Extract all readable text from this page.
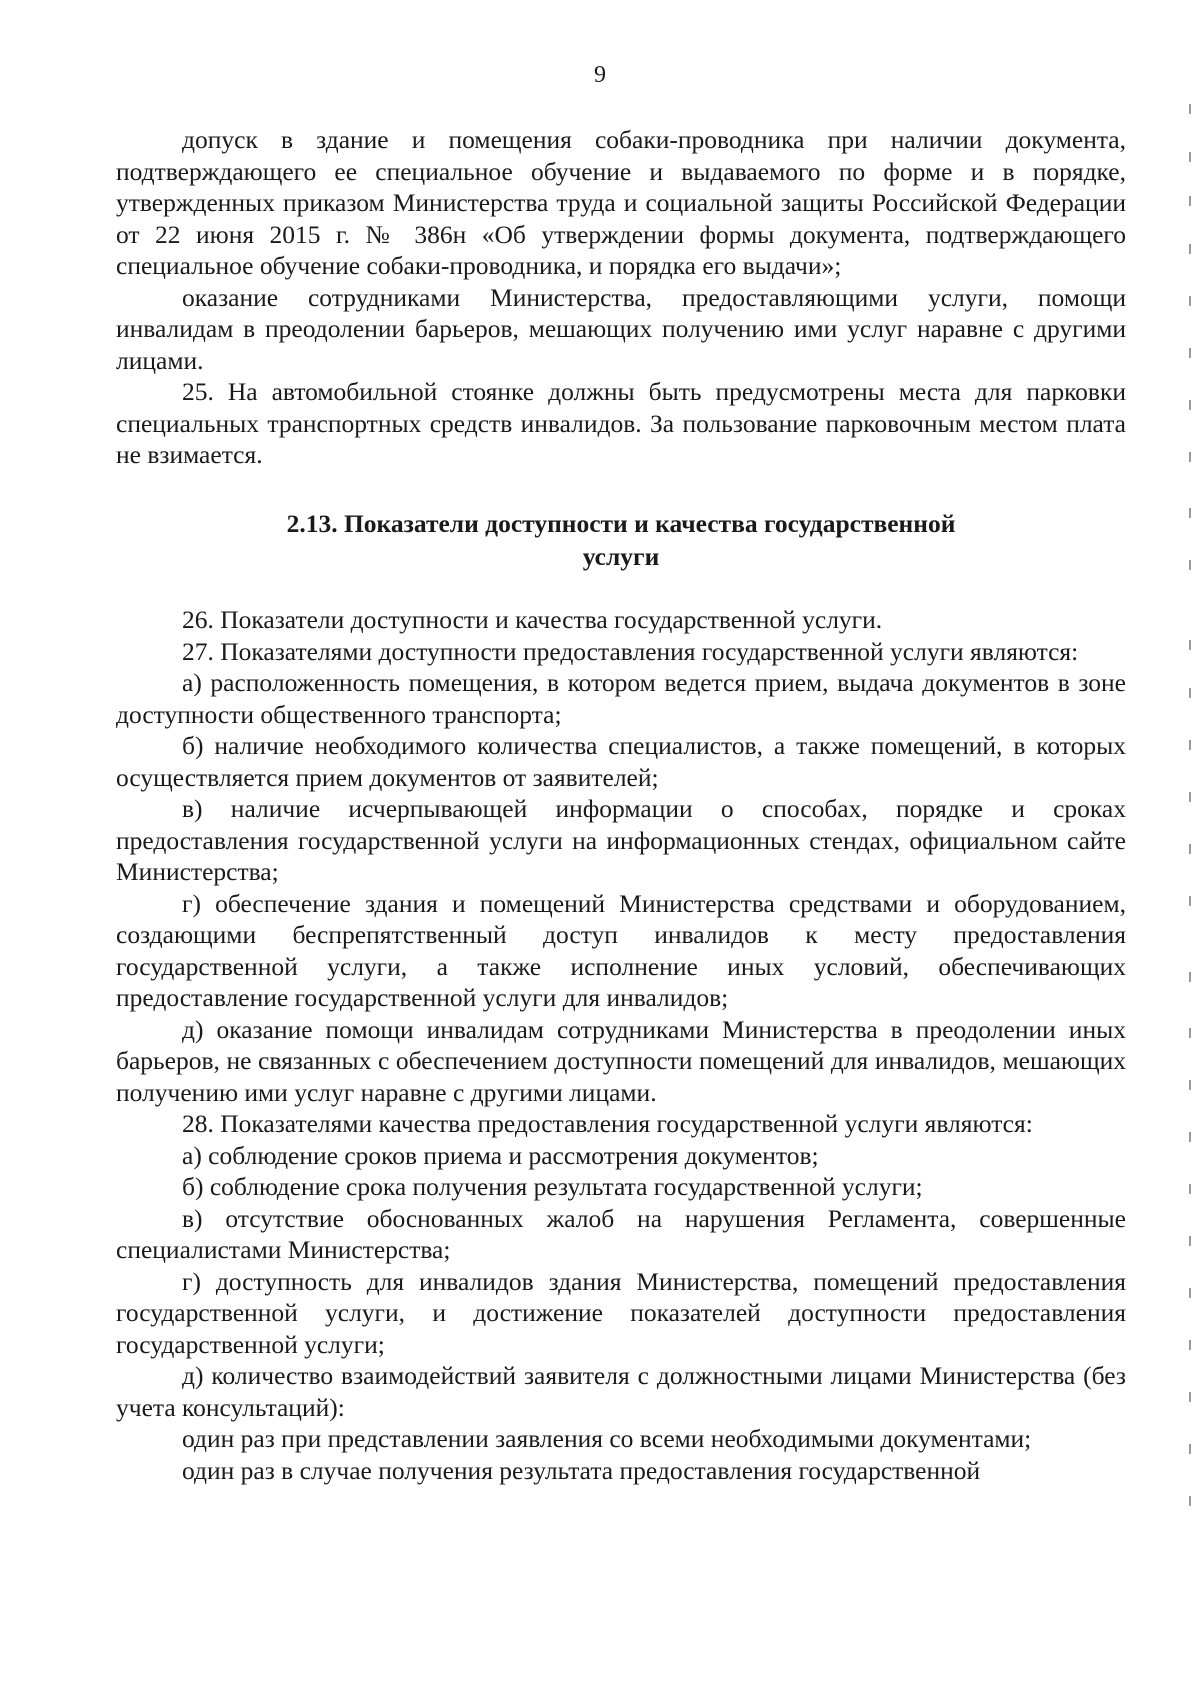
9

допуск в здание и помещения собаки-проводника при наличии документа, подтверждающего ее специальное обучение и выдаваемого по форме и в порядке, утвержденных приказом Министерства труда и социальной защиты Российской Федерации от 22 июня 2015 г. № 386н «Об утверждении формы документа, подтверждающего специальное обучение собаки-проводника, и порядка его выдачи»;

оказание сотрудниками Министерства, предоставляющими услуги, помощи инвалидам в преодолении барьеров, мешающих получению ими услуг наравне с другими лицами.

25. На автомобильной стоянке должны быть предусмотрены места для парковки специальных транспортных средств инвалидов. За пользование парковочным местом плата не взимается.

2.13. Показатели доступности и качества государственной
услуги

26. Показатели доступности и качества государственной услуги.

27. Показателями доступности предоставления государственной услуги являются:

а) расположенность помещения, в котором ведется прием, выдача документов в зоне доступности общественного транспорта;

б) наличие необходимого количества специалистов, а также помещений, в которых осуществляется прием документов от заявителей;

в) наличие исчерпывающей информации о способах, порядке и сроках предоставления государственной услуги на информационных стендах, официальном сайте Министерства;

г) обеспечение здания и помещений Министерства средствами и оборудованием, создающими беспрепятственный доступ инвалидов к месту предоставления государственной услуги, а также исполнение иных условий, обеспечивающих предоставление государственной услуги для инвалидов;

д) оказание помощи инвалидам сотрудниками Министерства в преодолении иных барьеров, не связанных с обеспечением доступности помещений для инвалидов, мешающих получению ими услуг наравне с другими лицами.

28. Показателями качества предоставления государственной услуги являются:

а) соблюдение сроков приема и рассмотрения документов;

б) соблюдение срока получения результата государственной услуги;

в) отсутствие обоснованных жалоб на нарушения Регламента, совершенные специалистами Министерства;

г) доступность для инвалидов здания Министерства, помещений предоставления государственной услуги, и достижение показателей доступности предоставления государственной услуги;

д) количество взаимодействий заявителя с должностными лицами Министерства (без учета консультаций):

один раз при представлении заявления со всеми необходимыми документами;

один раз в случае получения результата предоставления государственной
